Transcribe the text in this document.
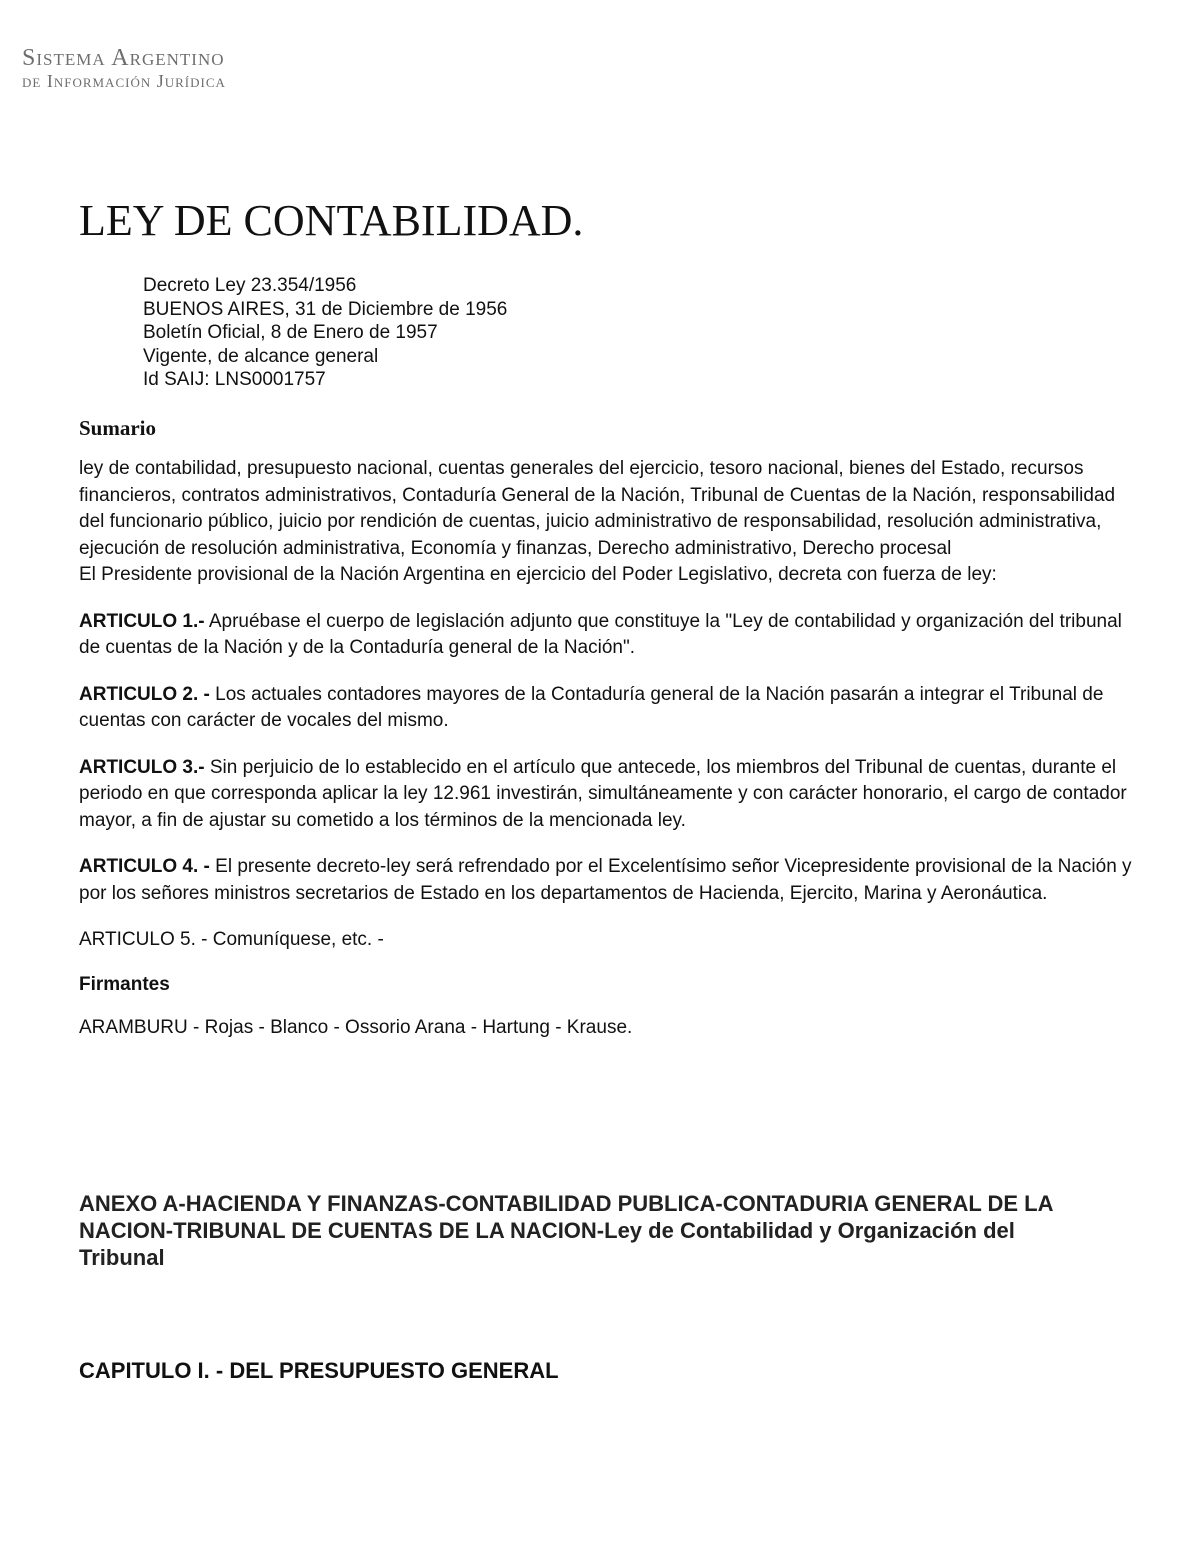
Sistema Argentino
de Información Jurídica
LEY DE CONTABILIDAD.
Decreto Ley 23.354/1956
BUENOS AIRES, 31 de Diciembre de 1956
Boletín Oficial, 8 de Enero de 1957
Vigente, de alcance general
Id SAIJ: LNS0001757
Sumario

ley de contabilidad, presupuesto nacional, cuentas generales del ejercicio, tesoro nacional, bienes del Estado, recursos financieros, contratos administrativos, Contaduría General de la Nación, Tribunal de Cuentas de la Nación, responsabilidad del funcionario público, juicio por rendición de cuentas, juicio administrativo de responsabilidad, resolución administrativa, ejecución de resolución administrativa, Economía y finanzas, Derecho administrativo, Derecho procesal

El Presidente provisional de la Nación Argentina en ejercicio del Poder Legislativo, decreta con fuerza de ley:

ARTICULO 1.- Apruébase el cuerpo de legislación adjunto que constituye la "Ley de contabilidad y organización del tribunal de cuentas de la Nación y de la Contaduría general de la Nación".

ARTICULO 2. - Los actuales contadores mayores de la Contaduría general de la Nación pasarán a integrar el Tribunal de cuentas con carácter de vocales del mismo.

ARTICULO 3.- Sin perjuicio de lo establecido en el artículo que antecede, los miembros del Tribunal de cuentas, durante el periodo en que corresponda aplicar la ley 12.961 investirán, simultáneamente y con carácter honorario, el cargo de contador mayor, a fin de ajustar su cometido a los términos de la mencionada ley.

ARTICULO 4. - El presente decreto-ley será refrendado por el Excelentísimo señor Vicepresidente provisional de la Nación y por los señores ministros secretarios de Estado en los departamentos de Hacienda, Ejercito, Marina y Aeronáutica.

ARTICULO 5. - Comuníquese, etc. -

Firmantes

ARAMBURU - Rojas - Blanco - Ossorio Arana - Hartung - Krause.

ANEXO A-HACIENDA Y FINANZAS-CONTABILIDAD PUBLICA-CONTADURIA GENERAL DE LA NACION-TRIBUNAL DE CUENTAS DE LA NACION-Ley de Contabilidad y Organización del Tribunal
CAPITULO I. - DEL PRESUPUESTO GENERAL
